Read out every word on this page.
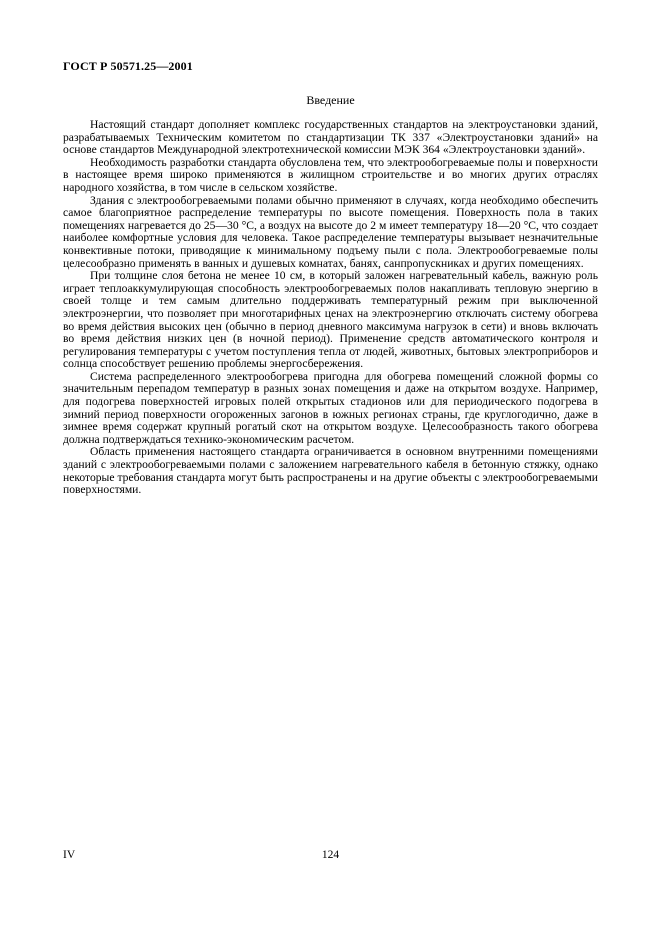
ГОСТ Р 50571.25—2001
Введение

Настоящий стандарт дополняет комплекс государственных стандартов на электроустановки зданий, разрабатываемых Техническим комитетом по стандартизации ТК 337 «Электроустановки зданий» на основе стандартов Международной электротехнической комиссии МЭК 364 «Электроустановки зданий».

Необходимость разработки стандарта обусловлена тем, что электрообогреваемые полы и поверхности в настоящее время широко применяются в жилищном строительстве и во многих других отраслях народного хозяйства, в том числе в сельском хозяйстве.

Здания с электрообогреваемыми полами обычно применяют в случаях, когда необходимо обеспечить самое благоприятное распределение температуры по высоте помещения. Поверхность пола в таких помещениях нагревается до 25—30 °С, а воздух на высоте до 2 м имеет температуру 18—20 °С, что создает наиболее комфортные условия для человека. Такое распределение температуры вызывает незначительные конвективные потоки, приводящие к минимальному подъему пыли с пола. Электрообогреваемые полы целесообразно применять в ванных и душевых комнатах, банях, санпропускниках и других помещениях.

При толщине слоя бетона не менее 10 см, в который заложен нагревательный кабель, важную роль играет теплоаккумулирующая способность электрообогреваемых полов накапливать тепловую энергию в своей толще и тем самым длительно поддерживать температурный режим при выключенной электроэнергии, что позволяет при многотарифных ценах на электроэнергию отключать систему обогрева во время действия высоких цен (обычно в период дневного максимума нагрузок в сети) и вновь включать во время действия низких цен (в ночной период). Применение средств автоматического контроля и регулирования температуры с учетом поступления тепла от людей, животных, бытовых электроприборов и солнца способствует решению проблемы энергосбережения.

Система распределенного электрообогрева пригодна для обогрева помещений сложной формы со значительным перепадом температур в разных зонах помещения и даже на открытом воздухе. Например, для подогрева поверхностей игровых полей открытых стадионов или для периодического подогрева в зимний период поверхности огороженных загонов в южных регионах страны, где круглогодично, даже в зимнее время содержат крупный рогатый скот на открытом воздухе. Целесообразность такого обогрева должна подтверждаться технико-экономическим расчетом.

Область применения настоящего стандарта ограничивается в основном внутренними помещениями зданий с электрообогреваемыми полами с заложением нагревательного кабеля в бетонную стяжку, однако некоторые требования стандарта могут быть распространены и на другие объекты с электрообогреваемыми поверхностями.

IV	124
